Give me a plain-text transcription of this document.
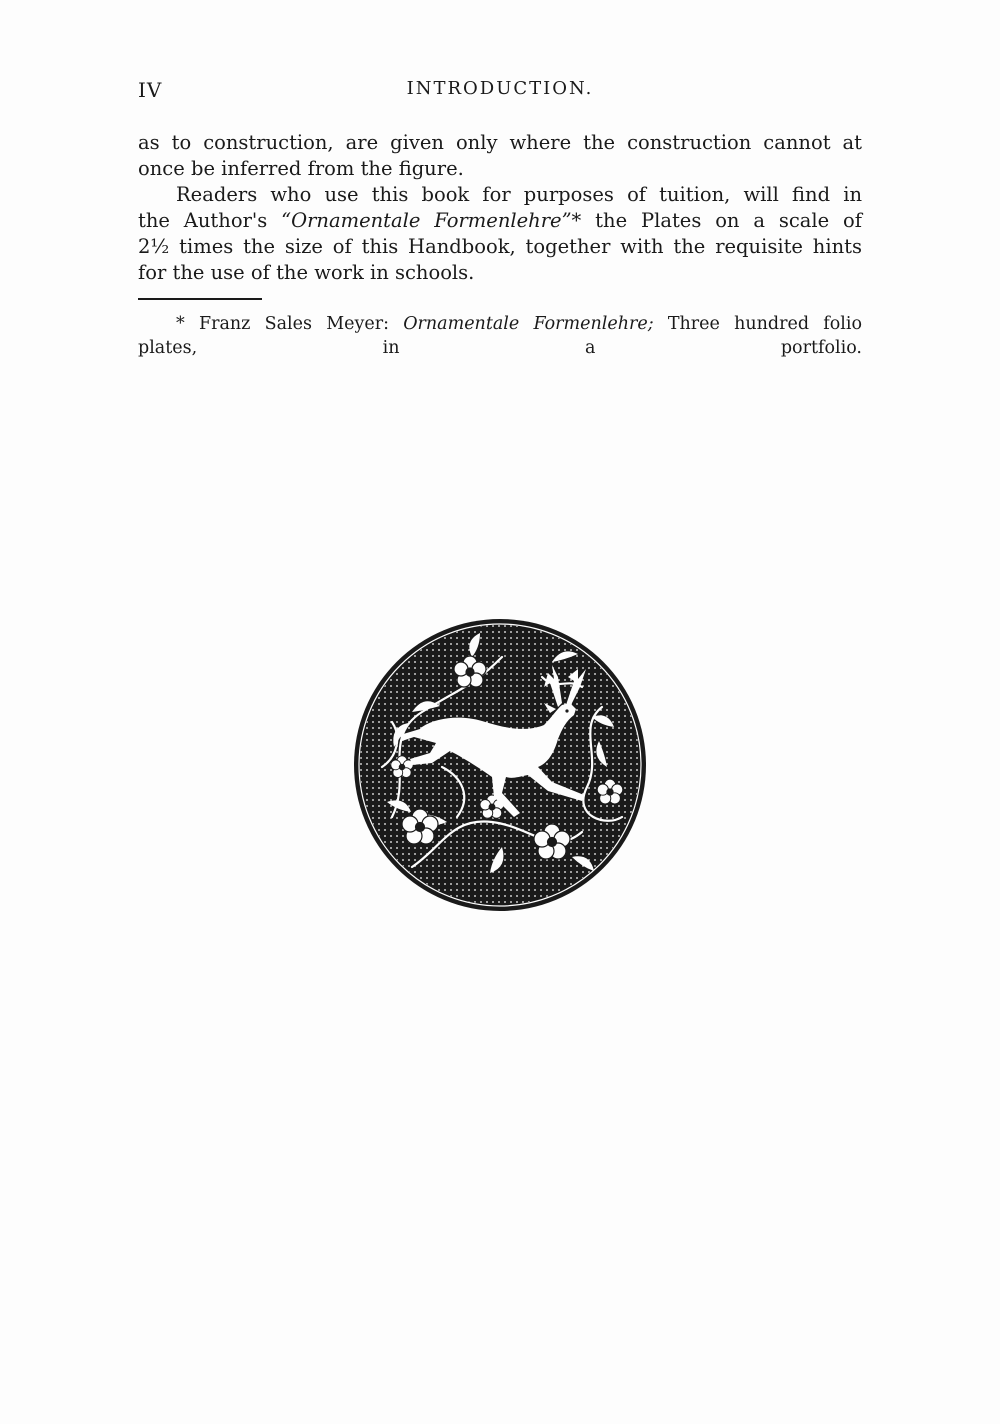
IV	INTRODUCTION.

as to construction, are given only where the construction cannot at
once be inferred from the figure.

Readers who use this book for purposes of tuition, will find in
the Author's “Ornamentale Formenlehre”* the Plates on a scale of
2½ times the size of this Handbook, together with the requisite hints
for the use of the work in schools.

* Franz Sales Meyer: Ornamentale Formenlehre; Three hundred folio
plates, in a portfolio.
